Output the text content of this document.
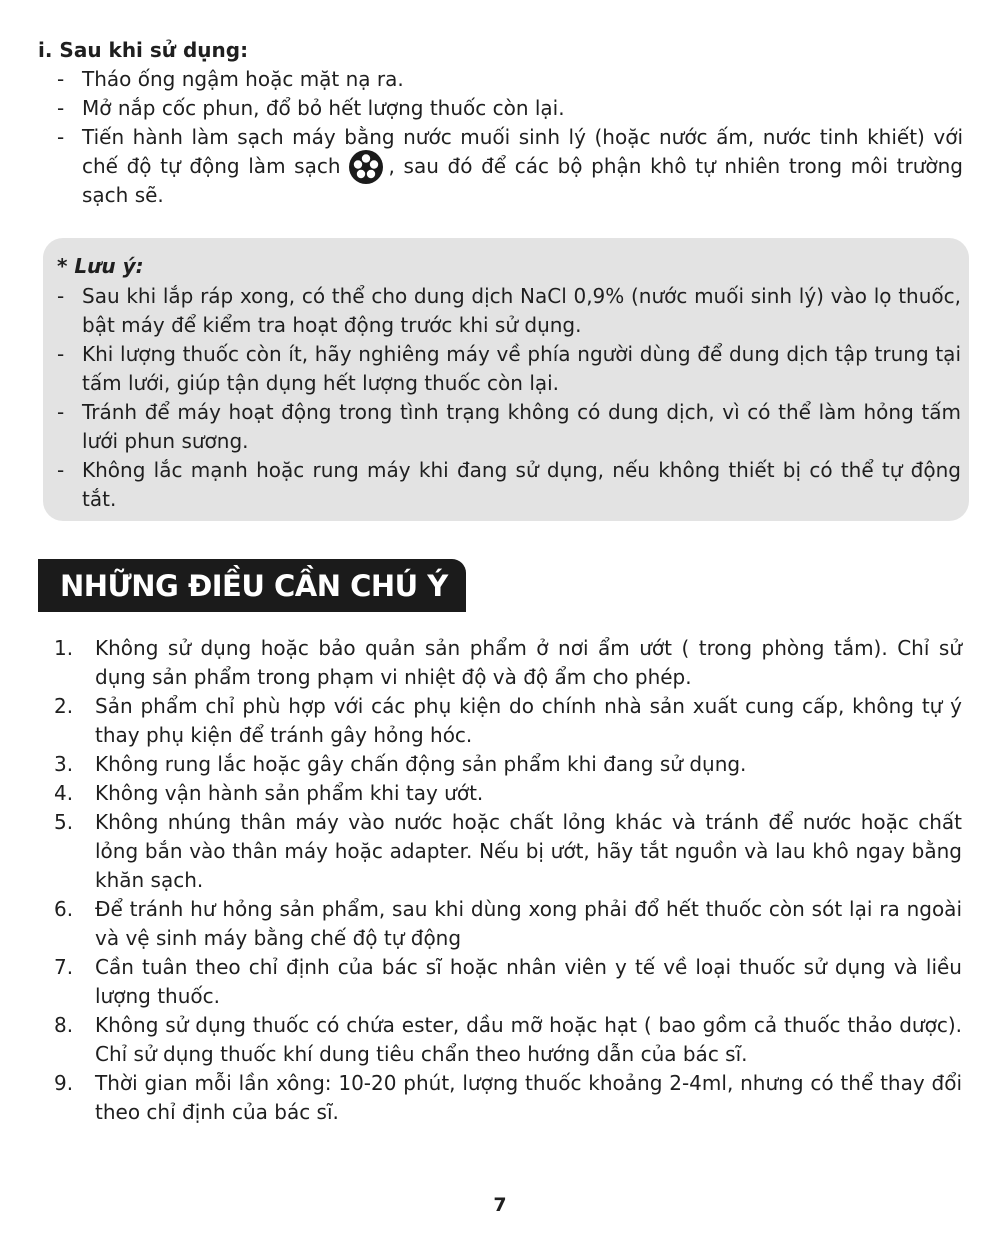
i. Sau khi sử dụng:

- Tháo ống ngậm hoặc mặt nạ ra.
- Mở nắp cốc phun, đổ bỏ hết lượng thuốc còn lại.
- Tiến hành làm sạch máy bằng nước muối sinh lý (hoặc nước ấm, nước tinh khiết) với chế độ tự động làm sạch , sau đó để các bộ phận khô tự nhiên trong môi trường sạch sẽ.

* Lưu ý:

- Sau khi lắp ráp xong, có thể cho dung dịch NaCl 0,9% (nước muối sinh lý) vào lọ thuốc, bật máy để kiểm tra hoạt động trước khi sử dụng.
- Khi lượng thuốc còn ít, hãy nghiêng máy về phía người dùng để dung dịch tập trung tại tấm lưới, giúp tận dụng hết lượng thuốc còn lại.
- Tránh để máy hoạt động trong tình trạng không có dung dịch, vì có thể làm hỏng tấm lưới phun sương.
- Không lắc mạnh hoặc rung máy khi đang sử dụng, nếu không thiết bị có thể tự động tắt.
NHỮNG ĐIỀU CẦN CHÚ Ý
1. Không sử dụng hoặc bảo quản sản phẩm ở nơi ẩm ướt ( trong phòng tắm). Chỉ sử dụng sản phẩm trong phạm vi nhiệt độ và độ ẩm cho phép.
2. Sản phẩm chỉ phù hợp với các phụ kiện do chính nhà sản xuất cung cấp, không tự ý thay phụ kiện để tránh gây hỏng hóc.
3. Không rung lắc hoặc gây chấn động sản phẩm khi đang sử dụng.
4. Không vận hành sản phẩm khi tay ướt.
5. Không nhúng thân máy vào nước hoặc chất lỏng khác và tránh để nước hoặc chất lỏng bắn vào thân máy hoặc adapter. Nếu bị ướt, hãy tắt nguồn và lau khô ngay bằng khăn sạch.
6. Để tránh hư hỏng sản phẩm, sau khi dùng xong phải đổ hết thuốc còn sót lại ra ngoài và vệ sinh máy bằng chế độ tự động
7. Cần tuân theo chỉ định của bác sĩ hoặc nhân viên y tế về loại thuốc sử dụng và liều lượng thuốc.
8. Không sử dụng thuốc có chứa ester, dầu mỡ hoặc hạt ( bao gồm cả thuốc thảo dược). Chỉ sử dụng thuốc khí dung tiêu chẩn theo hướng dẫn của bác sĩ.
9. Thời gian mỗi lần xông: 10-20 phút, lượng thuốc khoảng 2-4ml, nhưng có thể thay đổi theo chỉ định của bác sĩ.
7
